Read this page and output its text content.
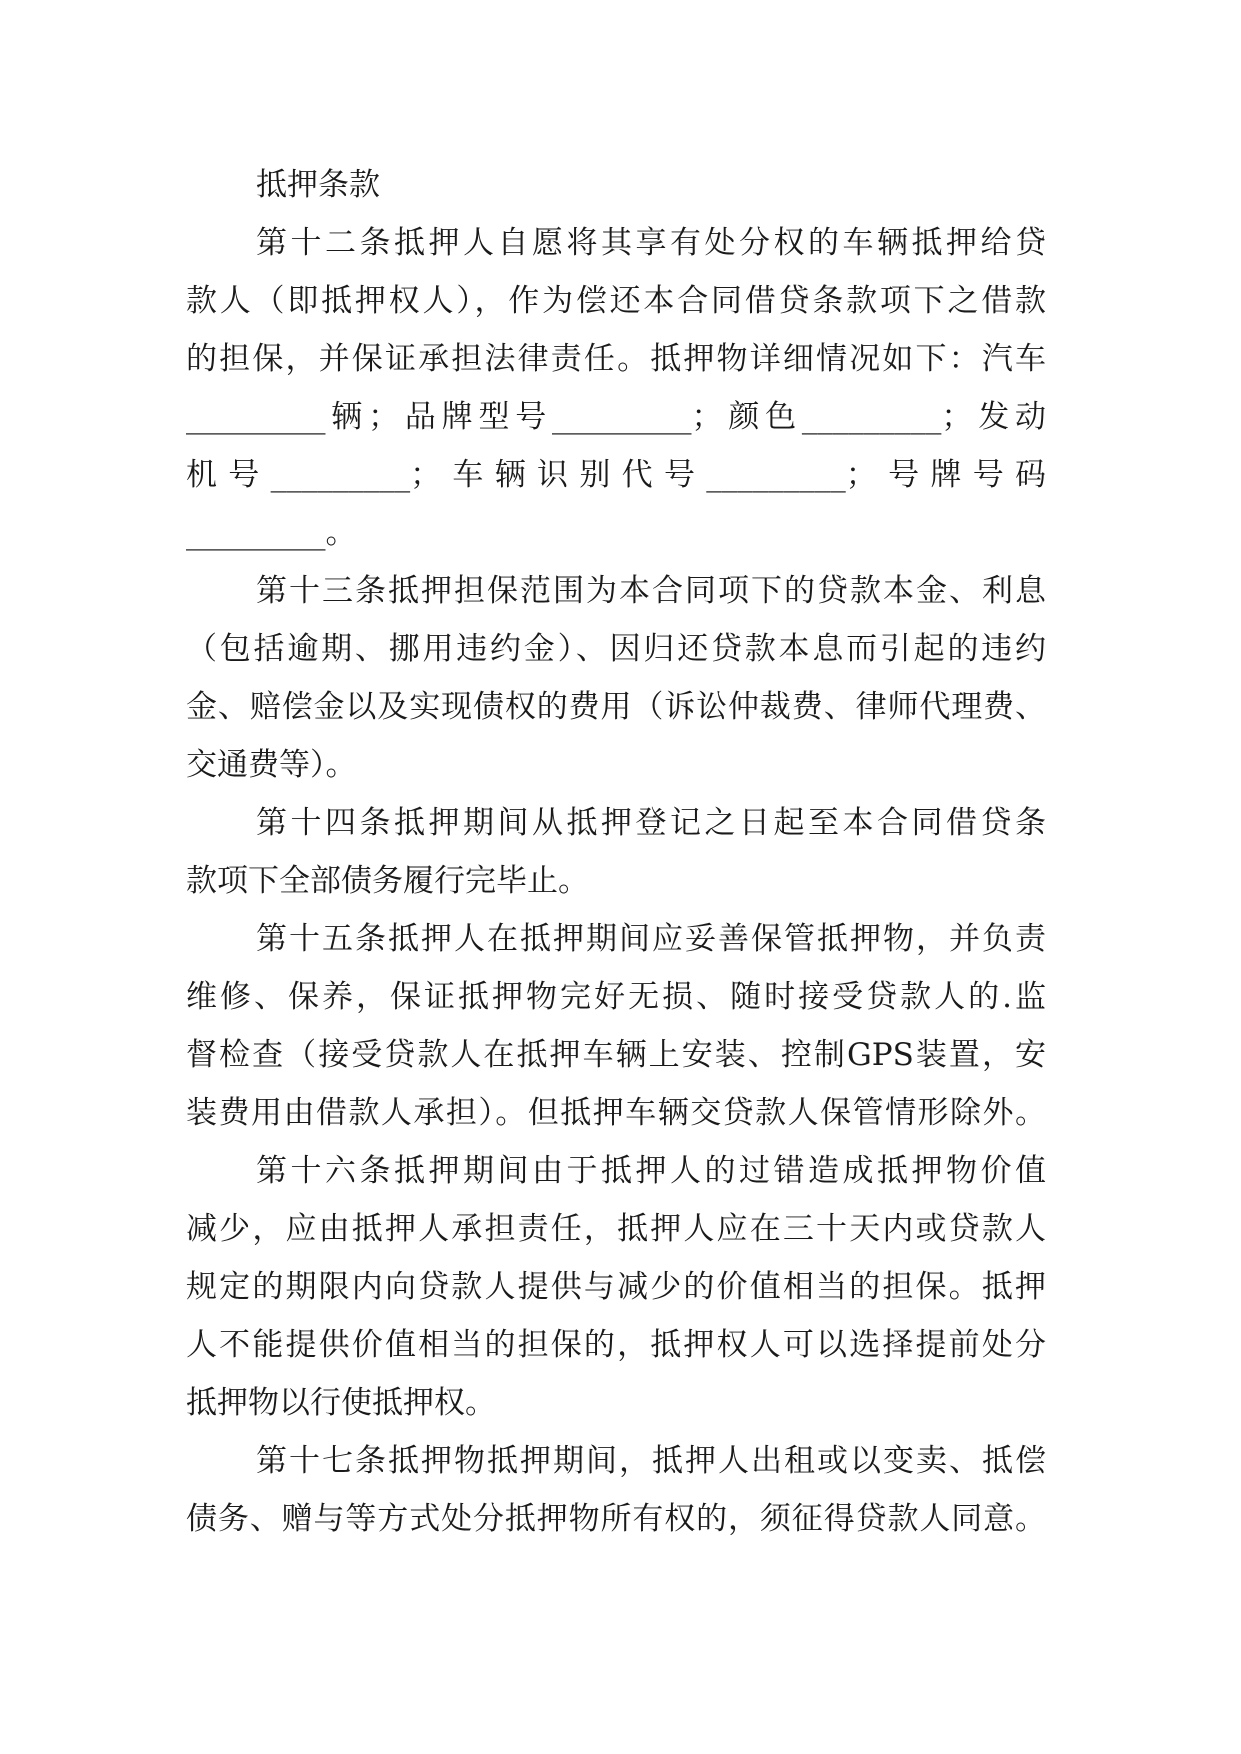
抵押条款
第十二条抵押人自愿将其享有处分权的车辆抵押给贷
款人（即抵押权人），作为偿还本合同借贷条款项下之借款
的担保，并保证承担法律责任。抵押物详细情况如下：汽车
_________辆；品牌型号_________；颜色_________；发动
机号_________；车辆识别代号_________；号牌号码
_________。
第十三条抵押担保范围为本合同项下的贷款本金、利息
（包括逾期、挪用违约金）、因归还贷款本息而引起的违约
金、赔偿金以及实现债权的费用（诉讼仲裁费、律师代理费、
交通费等）。
第十四条抵押期间从抵押登记之日起至本合同借贷条
款项下全部债务履行完毕止。
第十五条抵押人在抵押期间应妥善保管抵押物，并负责
维修、保养，保证抵押物完好无损、随时接受贷款人的.监
督检查（接受贷款人在抵押车辆上安装、控制GPS装置，安
装费用由借款人承担）。但抵押车辆交贷款人保管情形除外。
第十六条抵押期间由于抵押人的过错造成抵押物价值
减少，应由抵押人承担责任，抵押人应在三十天内或贷款人
规定的期限内向贷款人提供与减少的价值相当的担保。抵押
人不能提供价值相当的担保的，抵押权人可以选择提前处分
抵押物以行使抵押权。
第十七条抵押物抵押期间，抵押人出租或以变卖、抵偿
债务、赠与等方式处分抵押物所有权的，须征得贷款人同意。
